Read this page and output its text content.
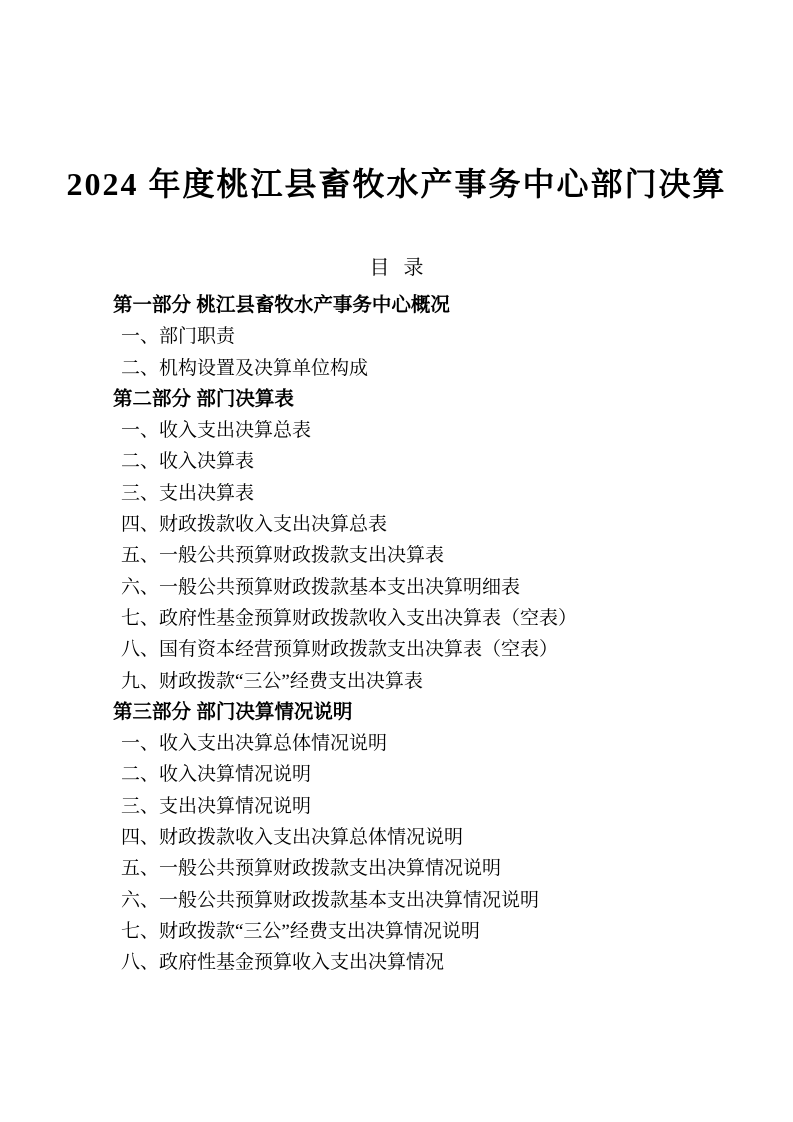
2024 年度桃江县畜牧水产事务中心部门决算
目 录
第一部分 桃江县畜牧水产事务中心概况
一、部门职责
二、机构设置及决算单位构成
第二部分 部门决算表
一、收入支出决算总表
二、收入决算表
三、支出决算表
四、财政拨款收入支出决算总表
五、一般公共预算财政拨款支出决算表
六、一般公共预算财政拨款基本支出决算明细表
七、政府性基金预算财政拨款收入支出决算表（空表）
八、国有资本经营预算财政拨款支出决算表（空表）
九、财政拨款“三公”经费支出决算表
第三部分 部门决算情况说明
一、收入支出决算总体情况说明
二、收入决算情况说明
三、支出决算情况说明
四、财政拨款收入支出决算总体情况说明
五、一般公共预算财政拨款支出决算情况说明
六、一般公共预算财政拨款基本支出决算情况说明
七、财政拨款“三公”经费支出决算情况说明
八、政府性基金预算收入支出决算情况
